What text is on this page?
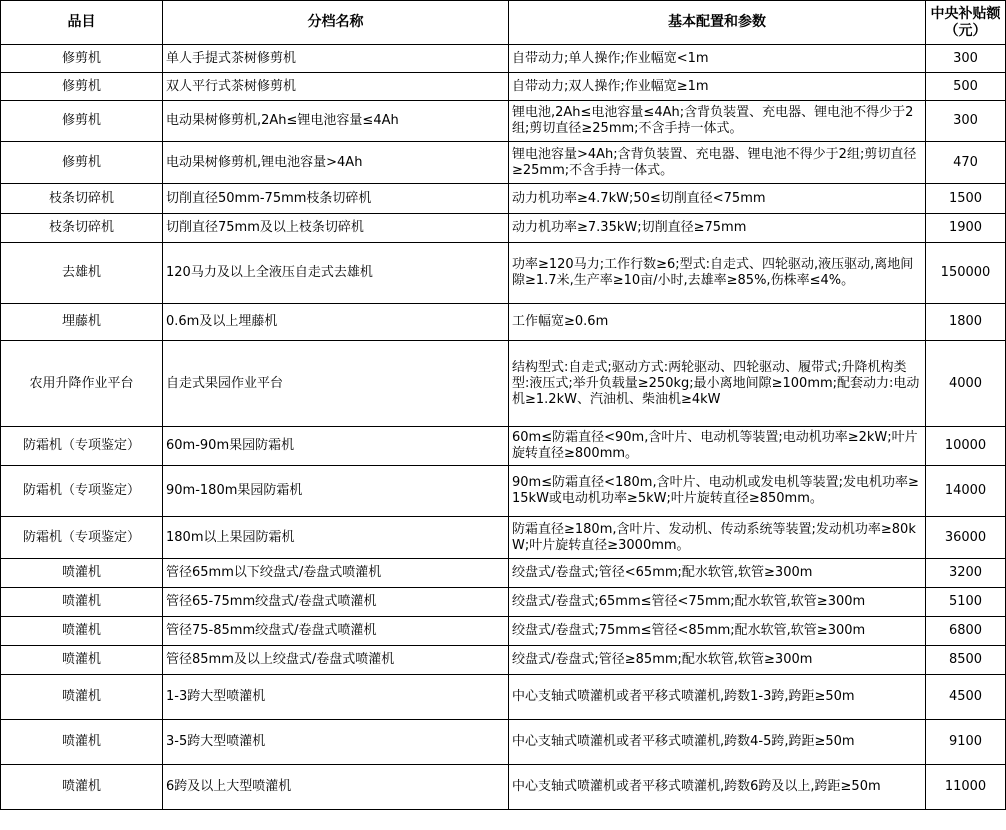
品目	分档名称	基本配置和参数	中央补贴额（元）
修剪机	单人手提式茶树修剪机	自带动力;单人操作;作业幅宽<1m	300
修剪机	双人平行式茶树修剪机	自带动力;双人操作;作业幅宽≥1m	500
修剪机	电动果树修剪机,2Ah≤锂电池容量≤4Ah	锂电池,2Ah≤电池容量≤4Ah;含背负装置、充电器、锂电池不得少于2组;剪切直径≥25mm;不含手持一体式。	300
修剪机	电动果树修剪机,锂电池容量>4Ah	锂电池容量>4Ah;含背负装置、充电器、锂电池不得少于2组;剪切直径≥25mm;不含手持一体式。	470
枝条切碎机	切削直径50mm-75mm枝条切碎机	动力机功率≥4.7kW;50≤切削直径<75mm	1500
枝条切碎机	切削直径75mm及以上枝条切碎机	动力机功率≥7.35kW;切削直径≥75mm	1900
去雄机	120马力及以上全液压自走式去雄机	功率≥120马力;工作行数≥6;型式:自走式、四轮驱动,液压驱动,离地间隙≥1.7米,生产率≥10亩/小时,去雄率≥85%,伤株率≤4%。	150000
埋藤机	0.6m及以上埋藤机	工作幅宽≥0.6m	1800
农用升降作业平台	自走式果园作业平台	结构型式:自走式;驱动方式:两轮驱动、四轮驱动、履带式;升降机构类型:液压式;举升负载量≥250kg;最小离地间隙≥100mm;配套动力:电动机≥1.2kW、汽油机、柴油机≥4kW	4000
防霜机（专项鉴定）	60m-90m果园防霜机	60m≤防霜直径<90m,含叶片、电动机等装置;电动机功率≥2kW;叶片旋转直径≥800mm。	10000
防霜机（专项鉴定）	90m-180m果园防霜机	90m≤防霜直径<180m,含叶片、电动机或发电机等装置;发电机功率≥15kW或电动机功率≥5kW;叶片旋转直径≥850mm。	14000
防霜机（专项鉴定）	180m以上果园防霜机	防霜直径≥180m,含叶片、发动机、传动系统等装置;发动机功率≥80kW;叶片旋转直径≥3000mm。	36000
喷灌机	管径65mm以下绞盘式/卷盘式喷灌机	绞盘式/卷盘式;管径<65mm;配水软管,软管≥300m	3200
喷灌机	管径65-75mm绞盘式/卷盘式喷灌机	绞盘式/卷盘式;65mm≤管径<75mm;配水软管,软管≥300m	5100
喷灌机	管径75-85mm绞盘式/卷盘式喷灌机	绞盘式/卷盘式;75mm≤管径<85mm;配水软管,软管≥300m	6800
喷灌机	管径85mm及以上绞盘式/卷盘式喷灌机	绞盘式/卷盘式;管径≥85mm;配水软管,软管≥300m	8500
喷灌机	1-3跨大型喷灌机	中心支轴式喷灌机或者平移式喷灌机,跨数1-3跨,跨距≥50m	4500
喷灌机	3-5跨大型喷灌机	中心支轴式喷灌机或者平移式喷灌机,跨数4-5跨,跨距≥50m	9100
喷灌机	6跨及以上大型喷灌机	中心支轴式喷灌机或者平移式喷灌机,跨数6跨及以上,跨距≥50m	11000
